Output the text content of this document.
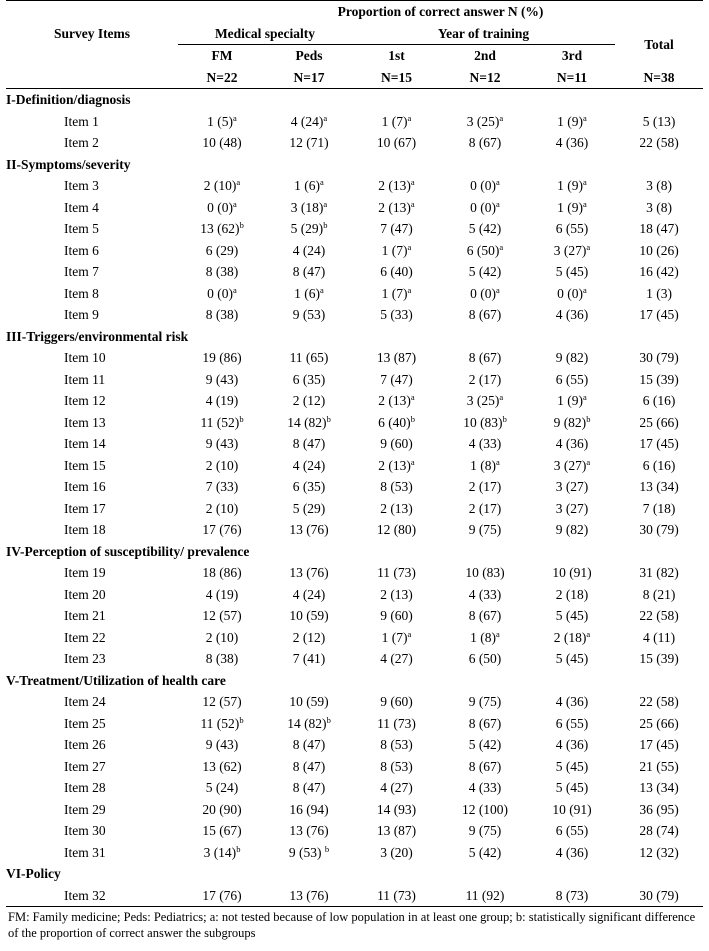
Survey Items	Proportion of correct answer N (%)					
	Medical specialty		Year of training			Total
	FM	Peds	1st	2nd	3rd	
	N=22	N=17	N=15	N=12	N=11	N=38
I-Definition/diagnosis						
Item 1	1 $(5)^a$	4 $(24)^a$	1 $(7)^a$	3 $(25)^a$	1 $(9)^a$	5 (13)
Item 2	10 (48)	12 (71)	10 (67)	8 (67)	4 (36)	22 (58)
II-Symptoms/severity						
Item 3	2 $(10)^a$	1 $(6)^a$	2 $(13)^a$	0 $(0)^a$	1 $(9)^a$	3 (8)
Item 4	0 $(0)^a$	3 $(18)^a$	2 $(13)^a$	0 $(0)^a$	1 $(9)^a$	3 (8)
Item 5	13 $(62)^b$	5 $(29)^b$	7 (47)	5 (42)	6 (55)	18 (47)
Item 6	6 (29)	4 (24)	1 $(7)^a$	6 $(50)^a$	3 $(27)^a$	10 (26)
Item 7	8 (38)	8 (47)	6 (40)	5 (42)	5 (45)	16 (42)
Item 8	0 $(0)^a$	1 $(6)^a$	1 $(7)^a$	0 $(0)^a$	0 $(0)^a$	1 (3)
Item 9	8 (38)	9 (53)	5 (33)	8 (67)	4 (36)	17 (45)
III-Triggers/environmental risk						
Item 10	19 (86)	11 (65)	13 (87)	8 (67)	9 (82)	30 (79)
Item 11	9 (43)	6 (35)	7 (47)	2 (17)	6 (55)	15 (39)
Item 12	4 (19)	2 (12)	2 $(13)^a$	3 $(25)^a$	1 $(9)^a$	6 (16)
Item 13	11 $(52)^b$	14 $(82)^b$	6 $(40)^b$	10 $(83)^b$	9 $(82)^b$	25 (66)
Item 14	9 (43)	8 (47)	9 (60)	4 (33)	4 (36)	17 (45)
Item 15	2 (10)	4 (24)	2 $(13)^a$	1 $(8)^a$	3 $(27)^a$	6 (16)
Item 16	7 (33)	6 (35)	8 (53)	2 (17)	3 (27)	13 (34)
Item 17	2 (10)	5 (29)	2 (13)	2 (17)	3 (27)	7 (18)
Item 18	17 (76)	13 (76)	12 (80)	9 (75)	9 (82)	30 (79)
IV-Perception of susceptibility/ prevalence						
Item 19	18 (86)	13 (76)	11 (73)	10 (83)	10 (91)	31 (82)
Item 20	4 (19)	4 (24)	2 (13)	4 (33)	2 (18)	8 (21)
Item 21	12 (57)	10 (59)	9 (60)	8 (67)	5 (45)	22 (58)
Item 22	2 (10)	2 (12)	1 $(7)^a$	1 $(8)^a$	2 $(18)^a$	4 (11)
Item 23	8 (38)	7 (41)	4 (27)	6 (50)	5 (45)	15 (39)
V-Treatment/Utilization of health care						
Item 24	12 (57)	10 (59)	9 (60)	9 (75)	4 (36)	22 (58)
Item 25	11 $(52)^b$	14 $(82)^b$	11 (73)	8 (67)	6 (55)	25 (66)
Item 26	9 (43)	8 (47)	8 (53)	5 (42)	4 (36)	17 (45)
Item 27	13 (62)	8 (47)	8 (53)	8 (67)	5 (45)	21 (55)
Item 28	5 (24)	8 (47)	4 (27)	4 (33)	5 (45)	13 (34)
Item 29	20 (90)	16 (94)	14 (93)	12 (100)	10 (91)	36 (95)
Item 30	15 (67)	13 (76)	13 (87)	9 (75)	6 (55)	28 (74)
Item 31	3 $(14)^b$	9 (53) $^b$	3 (20)	5 (42)	4 (36)	12 (32)
VI-Policy						
Item 32	17 (76)	13 (76)	11 (73)	11 (92)	8 (73)	30 (79)
FM: Family medicine; Peds: Pediatrics; a: not tested because of low population in at least one group; b: statistically significant difference of the proportion of correct answer the subgroups
